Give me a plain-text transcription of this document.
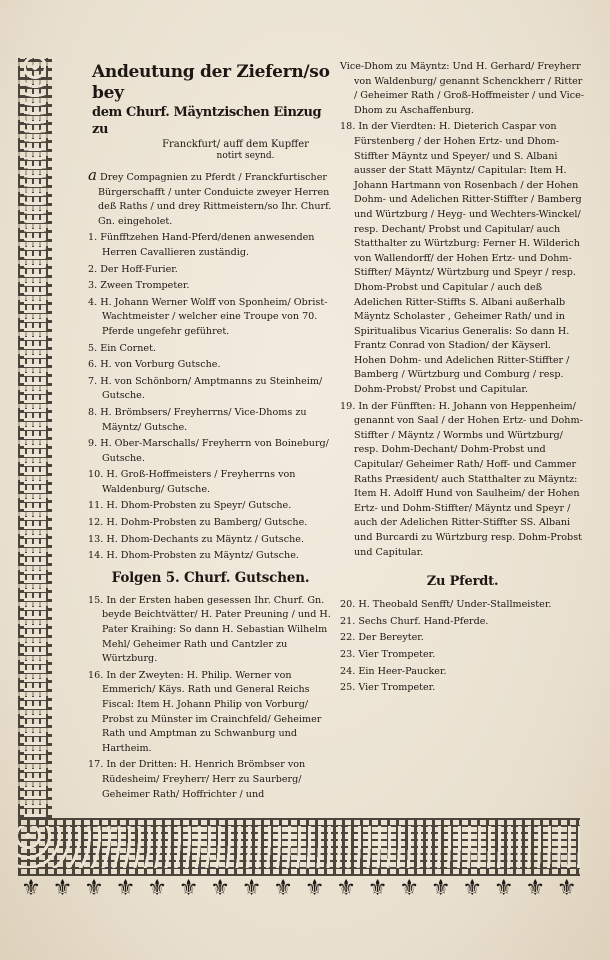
⚜ ⚜ ⚜ ⚜ ⚜ ⚜ ⚜ ⚜ ⚜ ⚜ ⚜ ⚜ ⚜ ⚜ ⚜ ⚜ ⚜ ⚜
Andeutung der Ziefern/so bey
dem Churf. Mäyntzischen Einzug zu
Franckfurt/ auff dem Kupffer
notirt seynd.
a Drey Compagnien zu Pferdt / Franckfurtischer Bürgerschafft / unter Conduicte zweyer Herren deß Raths / und drey Rittmeistern/so Ihr. Churf. Gn. eingeholet.
1. Fünfftzehen Hand-Pferd/denen anwesenden Herren Cavallieren zuständig.
2. Der Hoff-Furier.
3. Zween Trompeter.
4. H. Johann Werner Wolff von Sponheim/ Obrist-Wachtmeister / welcher eine Troupe von 70. Pferde ungefehr geführet.
5. Ein Cornet.
6. H. von Vorburg Gutsche.
7. H. von Schönborn/ Amptmanns zu Steinheim/ Gutsche.
8. H. Brömbsers/ Freyherrns/ Vice-Dhoms zu Mäyntz/ Gutsche.
9. H. Ober-Marschalls/ Freyherrn von Boineburg/ Gutsche.
10. H. Groß-Hoffmeisters / Freyherrns von Waldenburg/ Gutsche.
11. H. Dhom-Probsten zu Speyr/ Gutsche.
12. H. Dohm-Probsten zu Bamberg/ Gutsche.
13. H. Dhom-Dechants zu Mäyntz / Gutsche.
14. H. Dhom-Probsten zu Mäyntz/ Gutsche.
Folgen 5. Churf. Gutschen.
15. In der Ersten haben gesessen Ihr. Churf. Gn. beyde Beichtvätter/ H. Pater Preuning / und H. Pater Kraihing: So dann H. Sebastian Wilhelm Mehl/ Geheimer Rath und Cantzler zu Würtzburg.
16. In der Zweyten: H. Philip. Werner von Emmerich/ Käys. Rath und General Reichs Fiscal: Item H. Johann Philip von Vorburg/ Probst zu Münster im Crainchfeld/ Geheimer Rath und Amptman zu Schwanburg und Hartheim.
17. In der Dritten: H. Henrich Brömbser von Rüdesheim/ Freyherr/ Herr zu Saurberg/ Geheimer Rath/ Hoffrichter / und
Vice-Dhom zu Mäyntz: Und H. Gerhard/ Freyherr von Waldenburg/ genannt Schenckherr / Ritter / Geheimer Rath / Groß-Hoffmeister / und Vice-Dhom zu Aschaffenburg.
18. In der Vierdten: H. Dieterich Caspar von Fürstenberg / der Hohen Ertz- und Dhom-Stiffter Mäyntz und Speyer/ und S. Albani ausser der Statt Mäyntz/ Capitular: Item H. Johann Hartmann von Rosenbach / der Hohen Dohm- und Adelichen Ritter-Stiffter / Bamberg und Würtzburg / Heyg- und Wechters-Winckel/ resp. Dechant/ Probst und Capitular/ auch Statthalter zu Würtzburg: Ferner H. Wilderich von Wallendorff/ der Hohen Ertz- und Dohm-Stiffter/ Mäyntz/ Würtzburg und Speyr / resp. Dhom-Probst und Capitular / auch deß Adelichen Ritter-Stiffts S. Albani außerhalb Mäyntz Scholaster , Geheimer Rath/ und in Spiritualibus Vicarius Generalis: So dann H. Frantz Conrad von Stadion/ der Käyserl. Hohen Dohm- und Adelichen Ritter-Stiffter / Bamberg / Würtzburg und Comburg / resp. Dohm-Probst/ Probst und Capitular.
19. In der Fünfften: H. Johann von Heppenheim/ genannt von Saal / der Hohen Ertz- und Dohm-Stiffter / Mäyntz / Wormbs und Würtzburg/ resp. Dohm-Dechant/ Dohm-Probst und Capitular/ Geheimer Rath/ Hoff- und Cammer Raths Præsident/ auch Statthalter zu Mäyntz: Item H. Adolff Hund von Saulheim/ der Hohen Ertz- und Dohm-Stiffter/ Mäyntz und Speyr / auch der Adelichen Ritter-Stiffter SS. Albani und Burcardi zu Würtzburg resp. Dohm-Probst und Capitular.
Zu Pferdt.
20. H. Theobald Senfft/ Under-Stallmeister.
21. Sechs Churf. Hand-Pferde.
22. Der Bereyter.
23. Vier Trompeter.
24. Ein Heer-Paucker.
25. Vier Trompeter.
